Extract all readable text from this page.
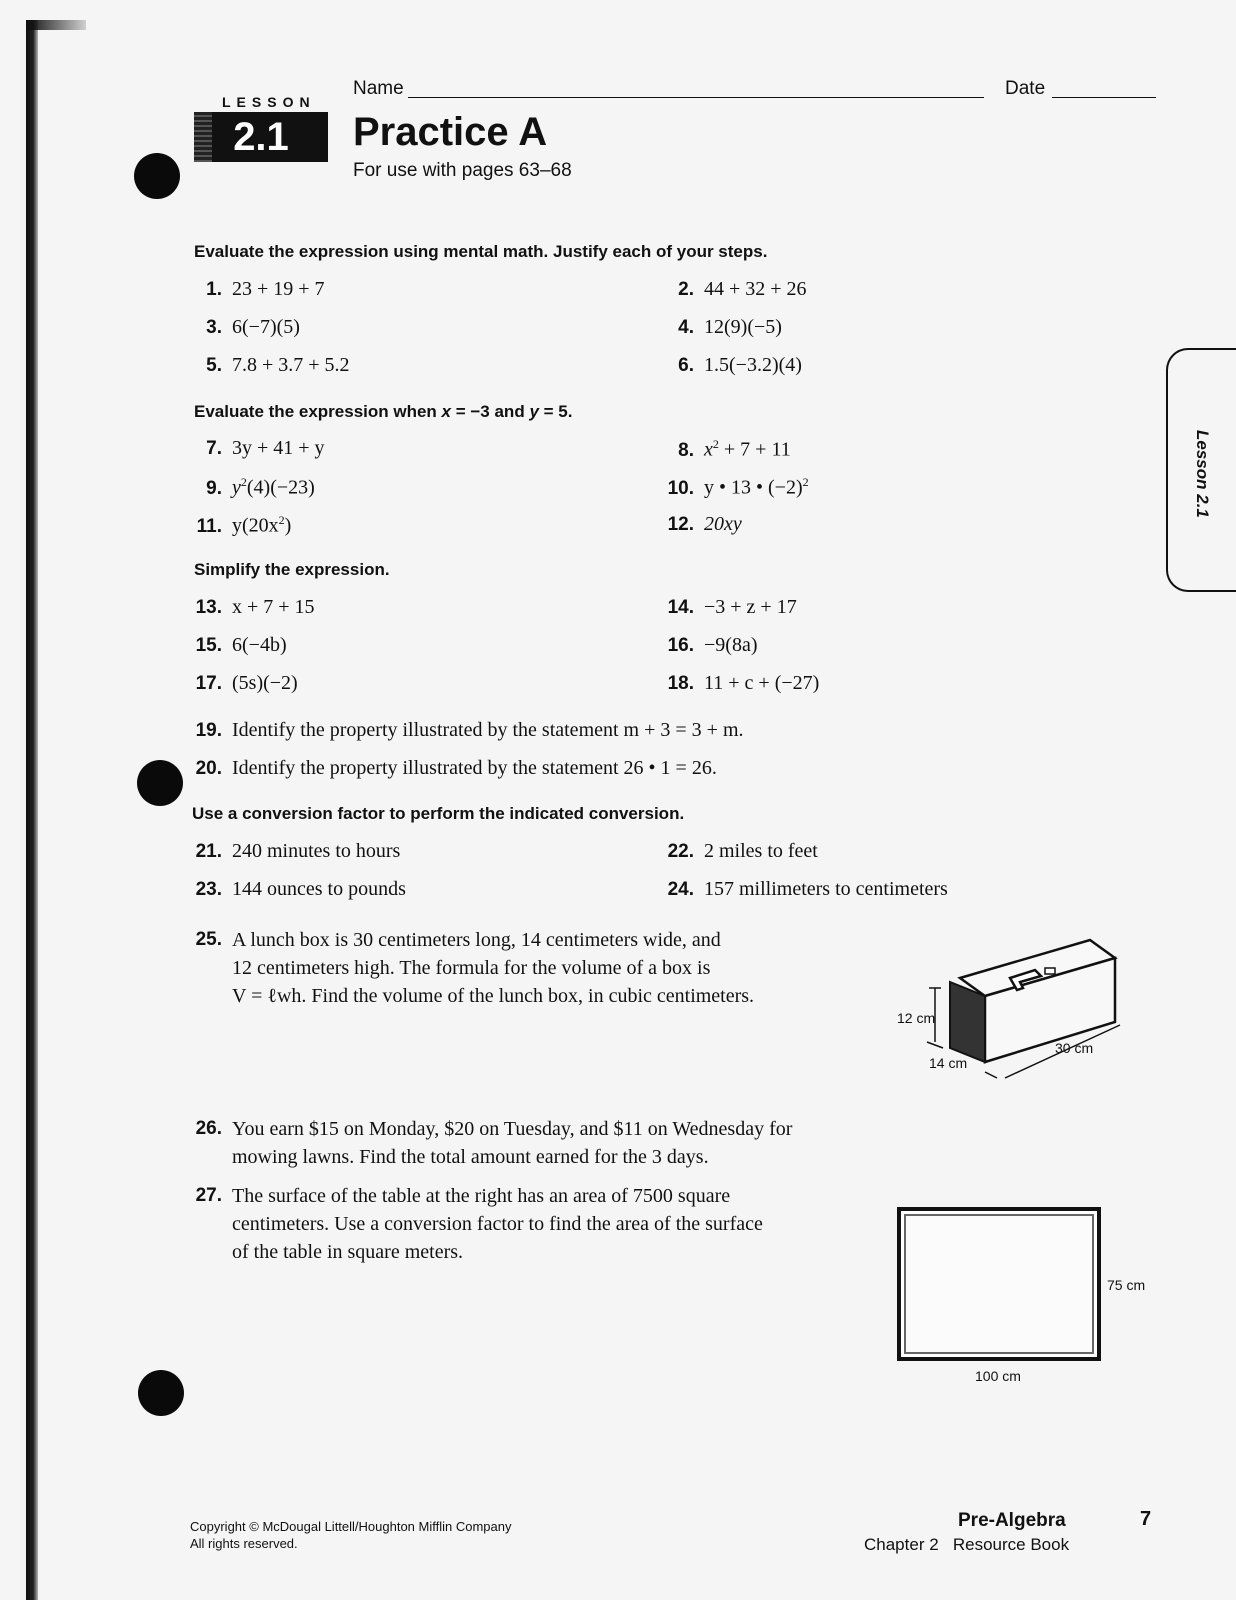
LESSON
2.1
Name	Date
Practice A
For use with pages 63–68
Lesson 2.1
Evaluate the expression using mental math. Justify each of your steps.
1. 23 + 19 + 7	2. 44 + 32 + 26
3. 6(−7)(5)	4. 12(9)(−5)
5. 7.8 + 3.7 + 5.2	6. 1.5(−3.2)(4)
Evaluate the expression when x = −3 and y = 5.
7. 3y + 41 + y	8. $x^2 + 7 + 11$
9. $y^2(4)(-23)$	10. y • 13 • $(-2)^2$
11. $y(20x^2)$	12. 20xy
Simplify the expression.
13. x + 7 + 15	14. −3 + z + 17
15. 6(−4b)	16. −9(8a)
17. (5s)(−2)	18. 11 + c + (−27)
19. Identify the property illustrated by the statement m + 3 = 3 + m.
20. Identify the property illustrated by the statement 26 • 1 = 26.
Use a conversion factor to perform the indicated conversion.
21. 240 minutes to hours	22. 2 miles to feet
23. 144 ounces to pounds	24. 157 millimeters to centimeters
25. A lunch box is 30 centimeters long, 14 centimeters wide, and
12 centimeters high. The formula for the volume of a box is
V = ℓwh. Find the volume of the lunch box, in cubic centimeters.
26. You earn $15 on Monday, $20 on Tuesday, and $11 on Wednesday for
mowing lawns. Find the total amount earned for the 3 days.
27. The surface of the table at the right has an area of 7500 square
centimeters. Use a conversion factor to find the area of the surface
of the table in square meters.
12 cm
14 cm
30 cm
75 cm
100 cm
Copyright © McDougal Littell/Houghton Mifflin Company
All rights reserved.
Pre-Algebra
Chapter 2 Resource Book
7
